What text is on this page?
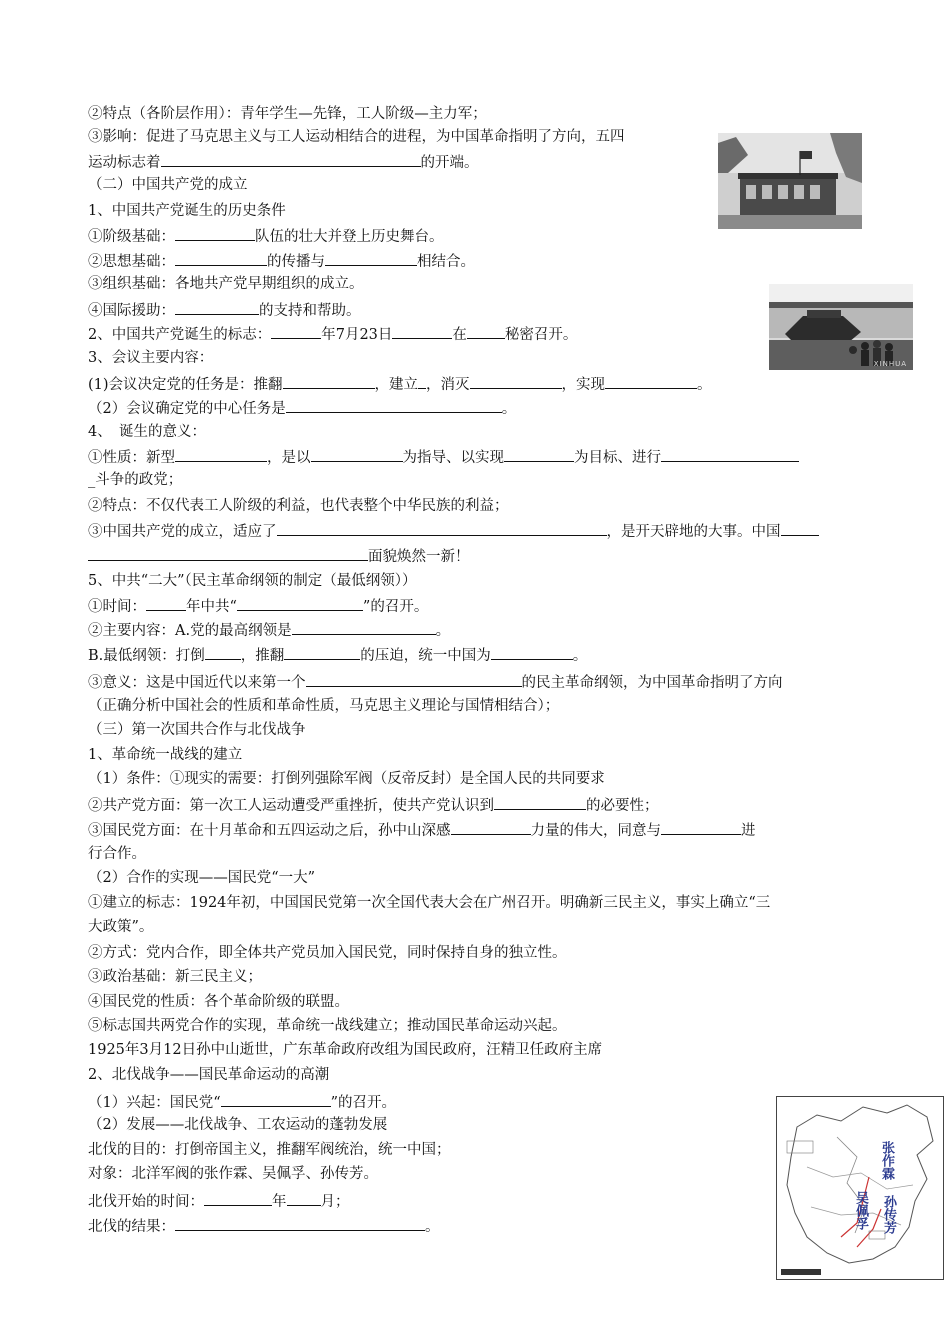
②特点（各阶层作用）：青年学生—先锋，工人阶级—主力军；
③影响：促进了马克思主义与工人运动相结合的进程，为中国革命指明了方向，五四
运动标志着	的开端。
（二）中国共产党的成立
1、中国共产党诞生的历史条件
①阶级基础：	队伍的壮大并登上历史舞台。
②思想基础：	的传播与	相结合。
③组织基础：各地共产党早期组织的成立。
④国际援助：	的支持和帮助。
2、中国共产党诞生的标志：	年7月23日	在	秘密召开。
3、会议主要内容：
(1)会议决定党的任务是：推翻	，建立 ，消灭	，实现	。
（2）会议确定党的中心任务是	。
4、　诞生的意义：
①性质：新型	，是以	为指导、以实现	为目标、进行
_斗争的政党；
②特点：不仅代表工人阶级的利益，也代表整个中华民族的利益；
③中国共产党的成立，适应了	，是开天辟地的大事。中国
面貌焕然一新！
5、中共“二大”（民主革命纲领的制定（最低纲领））
①时间：	年中共“	”的召开。
②主要内容：A.党的最高纲领是	。
B.最低纲领：打倒 ，推翻	的压迫，统一中国为	。
③意义：这是中国近代以来第一个	的民主革命纲领，为中国革命指明了方向
（正确分析中国社会的性质和革命性质，马克思主义理论与国情相结合）；
（三）第一次国共合作与北伐战争
1、革命统一战线的建立
（1）条件：①现实的需要：打倒列强除军阀（反帝反封）是全国人民的共同要求
②共产党方面：第一次工人运动遭受严重挫折，使共产党认识到	的必要性；
③国民党方面：在十月革命和五四运动之后，孙中山深感	力量的伟大，同意与	进
行合作。
（2）合作的实现——国民党“一大”
①建立的标志：1924年初，中国国民党第一次全国代表大会在广州召开。明确新三民主义，事实上确立“三
大政策”。
②方式：党内合作，即全体共产党员加入国民党，同时保持自身的独立性。
③政治基础：新三民主义；
④国民党的性质：各个革命阶级的联盟。
⑤标志国共两党合作的实现，革命统一战线建立；推动国民革命运动兴起。
1925年3月12日孙中山逝世，广东革命政府改组为国民政府，汪精卫任政府主席
2、北伐战争——国民革命运动的高潮
（1）兴起：国民党“	”的召开。
（2）发展——北伐战争、工农运动的蓬勃发展
北伐的目的：打倒帝国主义，推翻军阀统治，统一中国；
对象：北洋军阀的张作霖、吴佩孚、孙传芳。
北伐开始的时间：	年 月；
北伐的结果：	。
XINHUA
张作霖
孙传芳
吴佩孚
